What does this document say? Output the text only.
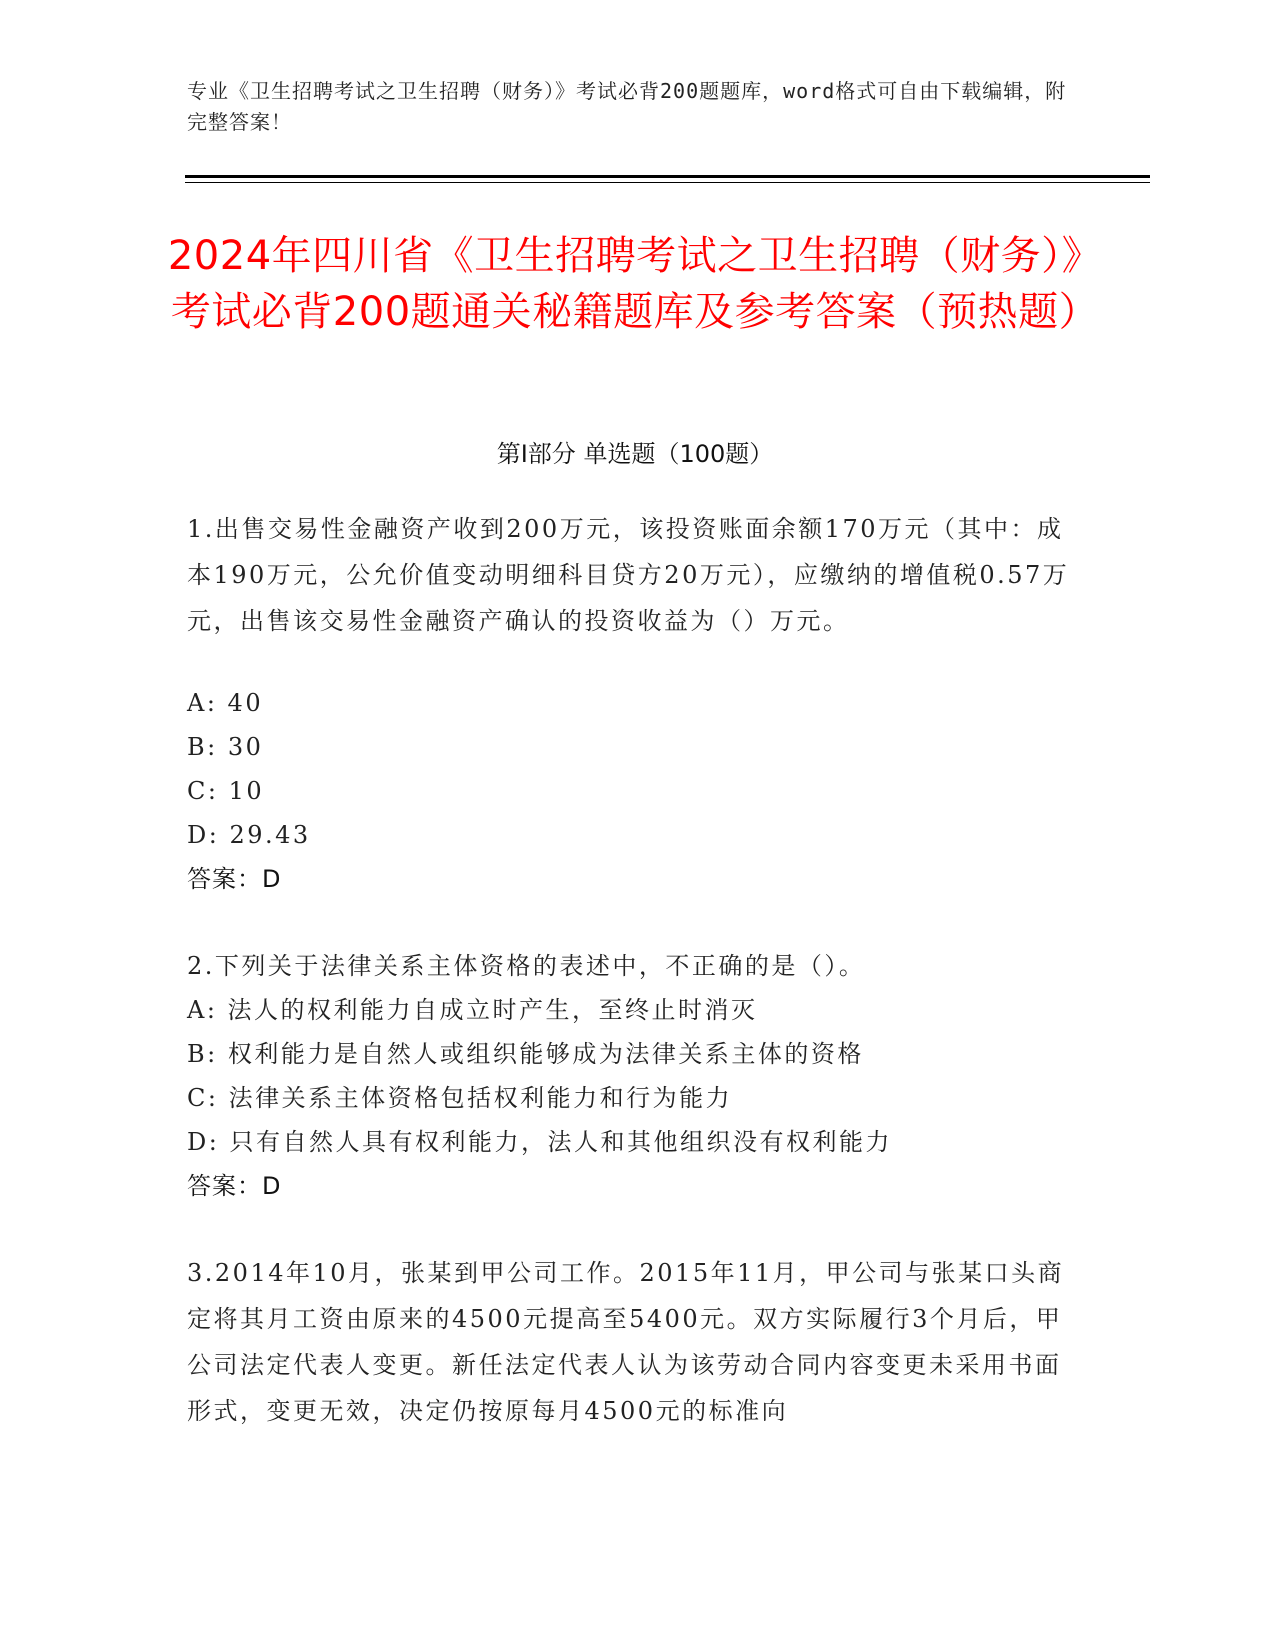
专业《卫生招聘考试之卫生招聘（财务）》考试必背200题题库，word格式可自由下载编辑，附完整答案！
2024年四川省《卫生招聘考试之卫生招聘（财务）》考试必背200题通关秘籍题库及参考答案（预热题）
第Ⅰ部分 单选题（100题）
1.出售交易性金融资产收到200万元，该投资账面余额170万元（其中：成本190万元，公允价值变动明细科目贷方20万元），应缴纳的增值税0.57万元，出售该交易性金融资产确认的投资收益为（）万元。
A: 40
B: 30
C: 10
D: 29.43
答案：D
2.下列关于法律关系主体资格的表述中，不正确的是（）。
A: 法人的权利能力自成立时产生，至终止时消灭
B: 权利能力是自然人或组织能够成为法律关系主体的资格
C: 法律关系主体资格包括权利能力和行为能力
D: 只有自然人具有权利能力，法人和其他组织没有权利能力
答案：D
3.2014年10月，张某到甲公司工作。2015年11月，甲公司与张某口头商定将其月工资由原来的4500元提高至5400元。双方实际履行3个月后，甲公司法定代表人变更。新任法定代表人认为该劳动合同内容变更未采用书面形式，变更无效，决定仍按原每月4500元的标准向
